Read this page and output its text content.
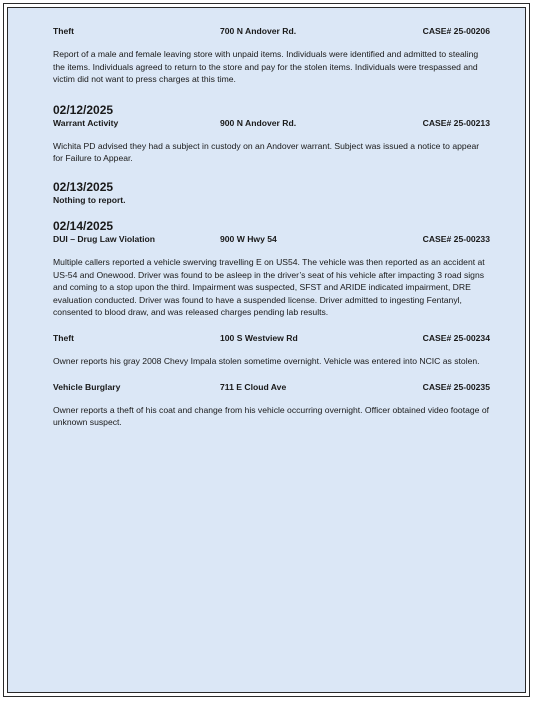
Theft	700 N Andover Rd.	CASE# 25-00206
Report of a male and female leaving store with unpaid items. Individuals were identified and admitted to stealing the items. Individuals agreed to return to the store and pay for the stolen items. Individuals were trespassed and victim did not want to press charges at this time.
02/12/2025
Warrant Activity	900 N Andover Rd.	CASE# 25-00213
Wichita PD advised they had a subject in custody on an Andover warrant. Subject was issued a notice to appear for Failure to Appear.
02/13/2025
Nothing to report.
02/14/2025
DUI – Drug Law Violation	900 W Hwy 54	CASE# 25-00233
Multiple callers reported a vehicle swerving travelling E on US54. The vehicle was then reported as an accident at US-54 and Onewood. Driver was found to be asleep in the driver’s seat of his vehicle after impacting 3 road signs and coming to a stop upon the third. Impairment was suspected, SFST and ARIDE indicated impairment, DRE evaluation conducted. Driver was found to have a suspended license. Driver admitted to ingesting Fentanyl, consented to blood draw, and was released charges pending lab results.
Theft	100 S Westview Rd	CASE# 25-00234
Owner reports his gray 2008 Chevy Impala stolen sometime overnight. Vehicle was entered into NCIC as stolen.
Vehicle Burglary	711 E Cloud Ave	CASE# 25-00235
Owner reports a theft of his coat and change from his vehicle occurring overnight. Officer obtained video footage of unknown suspect.
